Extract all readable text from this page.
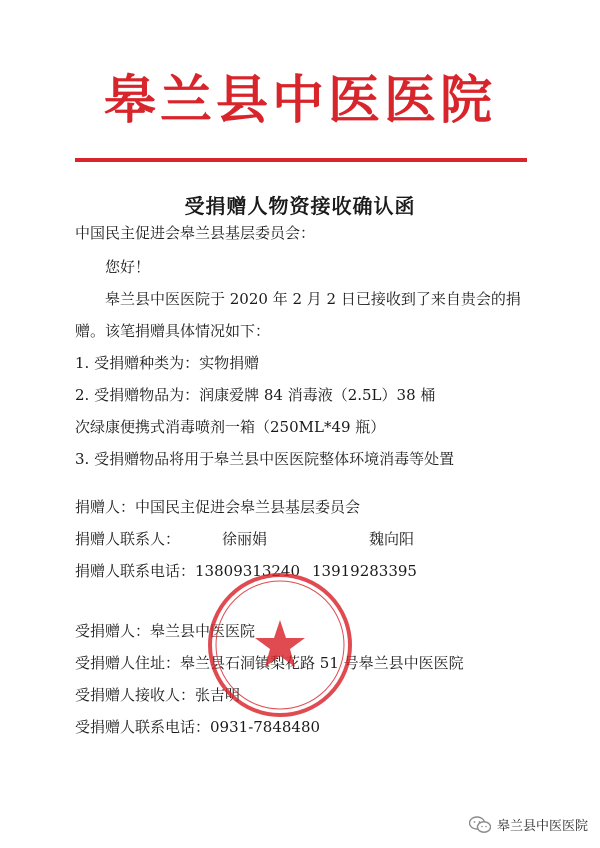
皋兰县中医医院
受捐赠人物资接收确认函
中国民主促进会皋兰县基层委员会：
您好！
皋兰县中医医院于 2020 年 2 月 2 日已接收到了来自贵会的捐
赠。该笔捐赠具体情况如下：
1. 受捐赠种类为：实物捐赠
2. 受捐赠物品为：润康爱牌 84 消毒液（2.5L）38 桶
次绿康便携式消毒喷剂一箱（250ML*49 瓶）
3. 受捐赠物品将用于皋兰县中医医院整体环境消毒等处置
捐赠人：中国民主促进会皋兰县基层委员会
捐赠人联系人：	徐丽娟	魏向阳
捐赠人联系电话：13809313240 13919283395
受捐赠人：皋兰县中医医院
受捐赠人住址：皋兰县石洞镇梨花路 51 号皋兰县中医医院
受捐赠人接收人：张吉明
受捐赠人联系电话：0931-7848480
皋兰县中医医院
